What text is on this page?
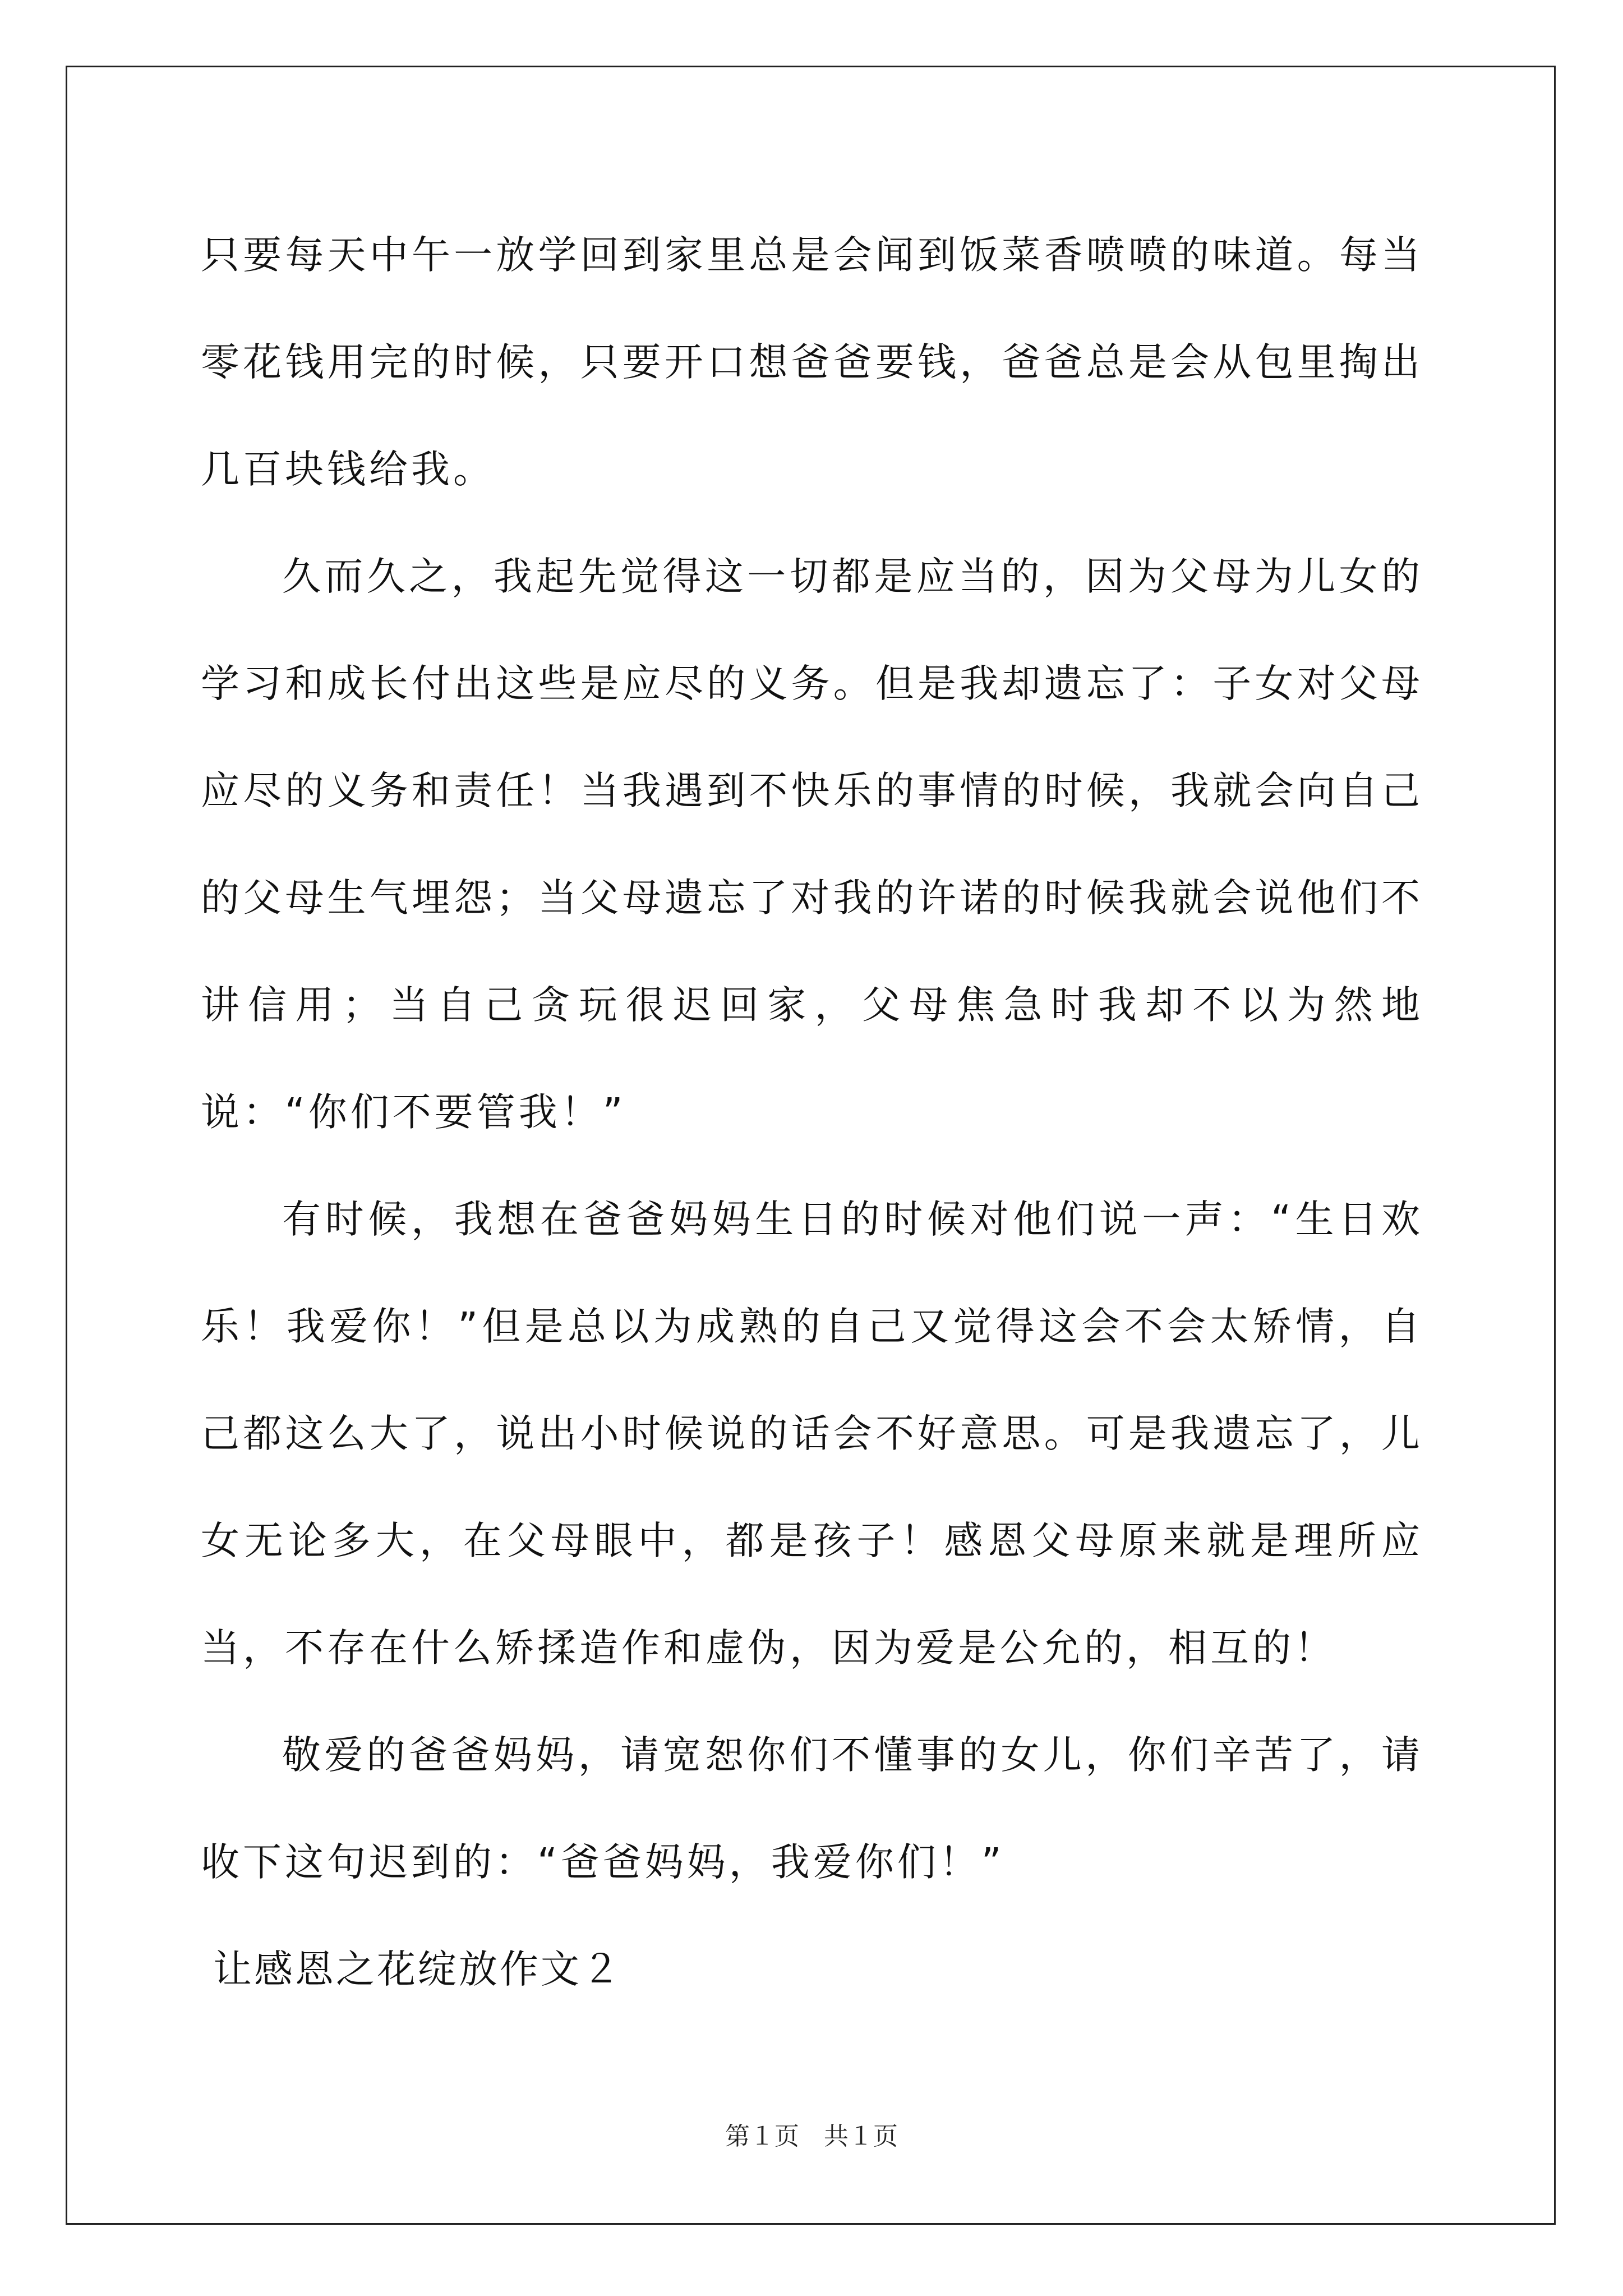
只要每天中午一放学回到家里总是会闻到饭菜香喷喷的味道。每当零花钱用完的时候，只要开口想爸爸要钱，爸爸总是会从包里掏出几百块钱给我。

久而久之，我起先觉得这一切都是应当的，因为父母为儿女的学习和成长付出这些是应尽的义务。但是我却遗忘了：子女对父母应尽的义务和责任！当我遇到不快乐的事情的时候，我就会向自己的父母生气埋怨；当父母遗忘了对我的许诺的时候我就会说他们不讲信用；当自己贪玩很迟回家，父母焦急时我却不以为然地说：“你们不要管我！”

有时候，我想在爸爸妈妈生日的时候对他们说一声：“生日欢乐！我爱你！”但是总以为成熟的自己又觉得这会不会太矫情，自己都这么大了，说出小时候说的话会不好意思。可是我遗忘了，儿女无论多大，在父母眼中，都是孩子！感恩父母原来就是理所应当，不存在什么矫揉造作和虚伪，因为爱是公允的，相互的！

敬爱的爸爸妈妈，请宽恕你们不懂事的女儿，你们辛苦了，请收下这句迟到的：“爸爸妈妈，我爱你们！”

让感恩之花绽放作文２

第１页 共１页
